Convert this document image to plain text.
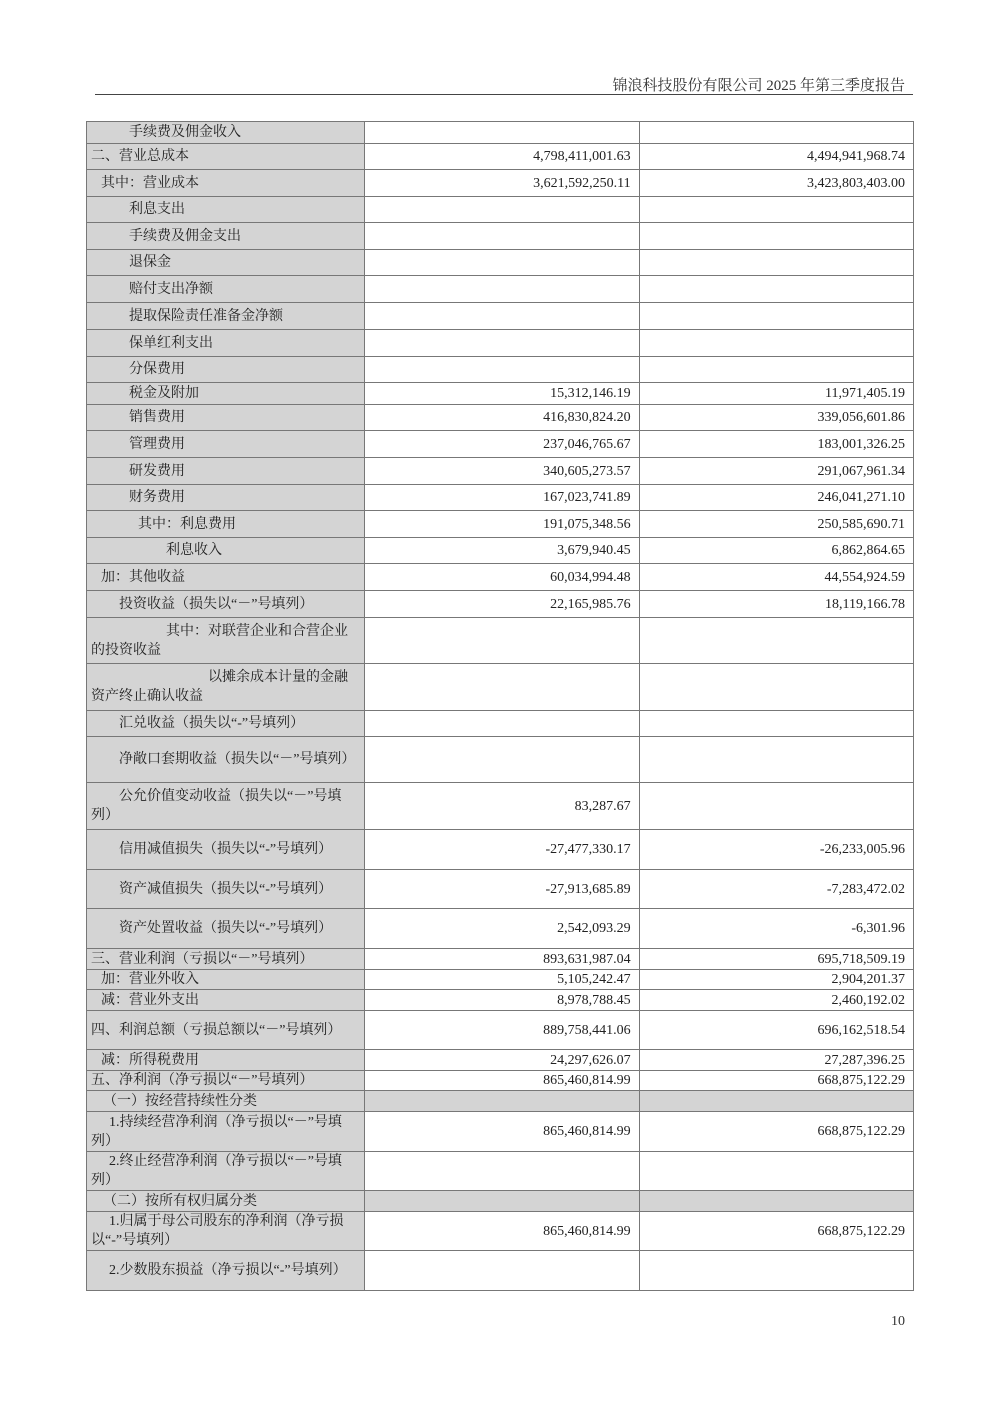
锦浪科技股份有限公司 2025 年第三季度报告
手续费及佣金收入		
二、营业总成本	4,798,411,001.63	4,494,941,968.74
其中：营业成本	3,621,592,250.11	3,423,803,403.00
利息支出		
手续费及佣金支出		
退保金		
赔付支出净额		
提取保险责任准备金净额		
保单红利支出		
分保费用		
税金及附加	15,312,146.19	11,971,405.19
销售费用	416,830,824.20	339,056,601.86
管理费用	237,046,765.67	183,001,326.25
研发费用	340,605,273.57	291,067,961.34
财务费用	167,023,741.89	246,041,271.10
其中：利息费用	191,075,348.56	250,585,690.71
利息收入	3,679,940.45	6,862,864.65
加：其他收益	60,034,994.48	44,554,924.59
投资收益（损失以“－”号填列）	22,165,985.76	18,119,166.78
其中：对联营企业和合营企业的投资收益		
以摊余成本计量的金融资产终止确认收益		
汇兑收益（损失以“-”号填列）		
净敞口套期收益（损失以“－”号填列）		
公允价值变动收益（损失以“－”号填列）	83,287.67	
信用减值损失（损失以“-”号填列）	-27,477,330.17	-26,233,005.96
资产减值损失（损失以“-”号填列）	-27,913,685.89	-7,283,472.02
资产处置收益（损失以“-”号填列）	2,542,093.29	-6,301.96
三、营业利润（亏损以“－”号填列）	893,631,987.04	695,718,509.19
加：营业外收入	5,105,242.47	2,904,201.37
减：营业外支出	8,978,788.45	2,460,192.02
四、利润总额（亏损总额以“－”号填列）	889,758,441.06	696,162,518.54
减：所得税费用	24,297,626.07	27,287,396.25
五、净利润（净亏损以“－”号填列）	865,460,814.99	668,875,122.29
（一）按经营持续性分类		
1.持续经营净利润（净亏损以“－”号填列）	865,460,814.99	668,875,122.29
2.终止经营净利润（净亏损以“－”号填列）		
（二）按所有权归属分类		
1.归属于母公司股东的净利润（净亏损以“-”号填列）	865,460,814.99	668,875,122.29
2.少数股东损益（净亏损以“-”号填列）		
10
